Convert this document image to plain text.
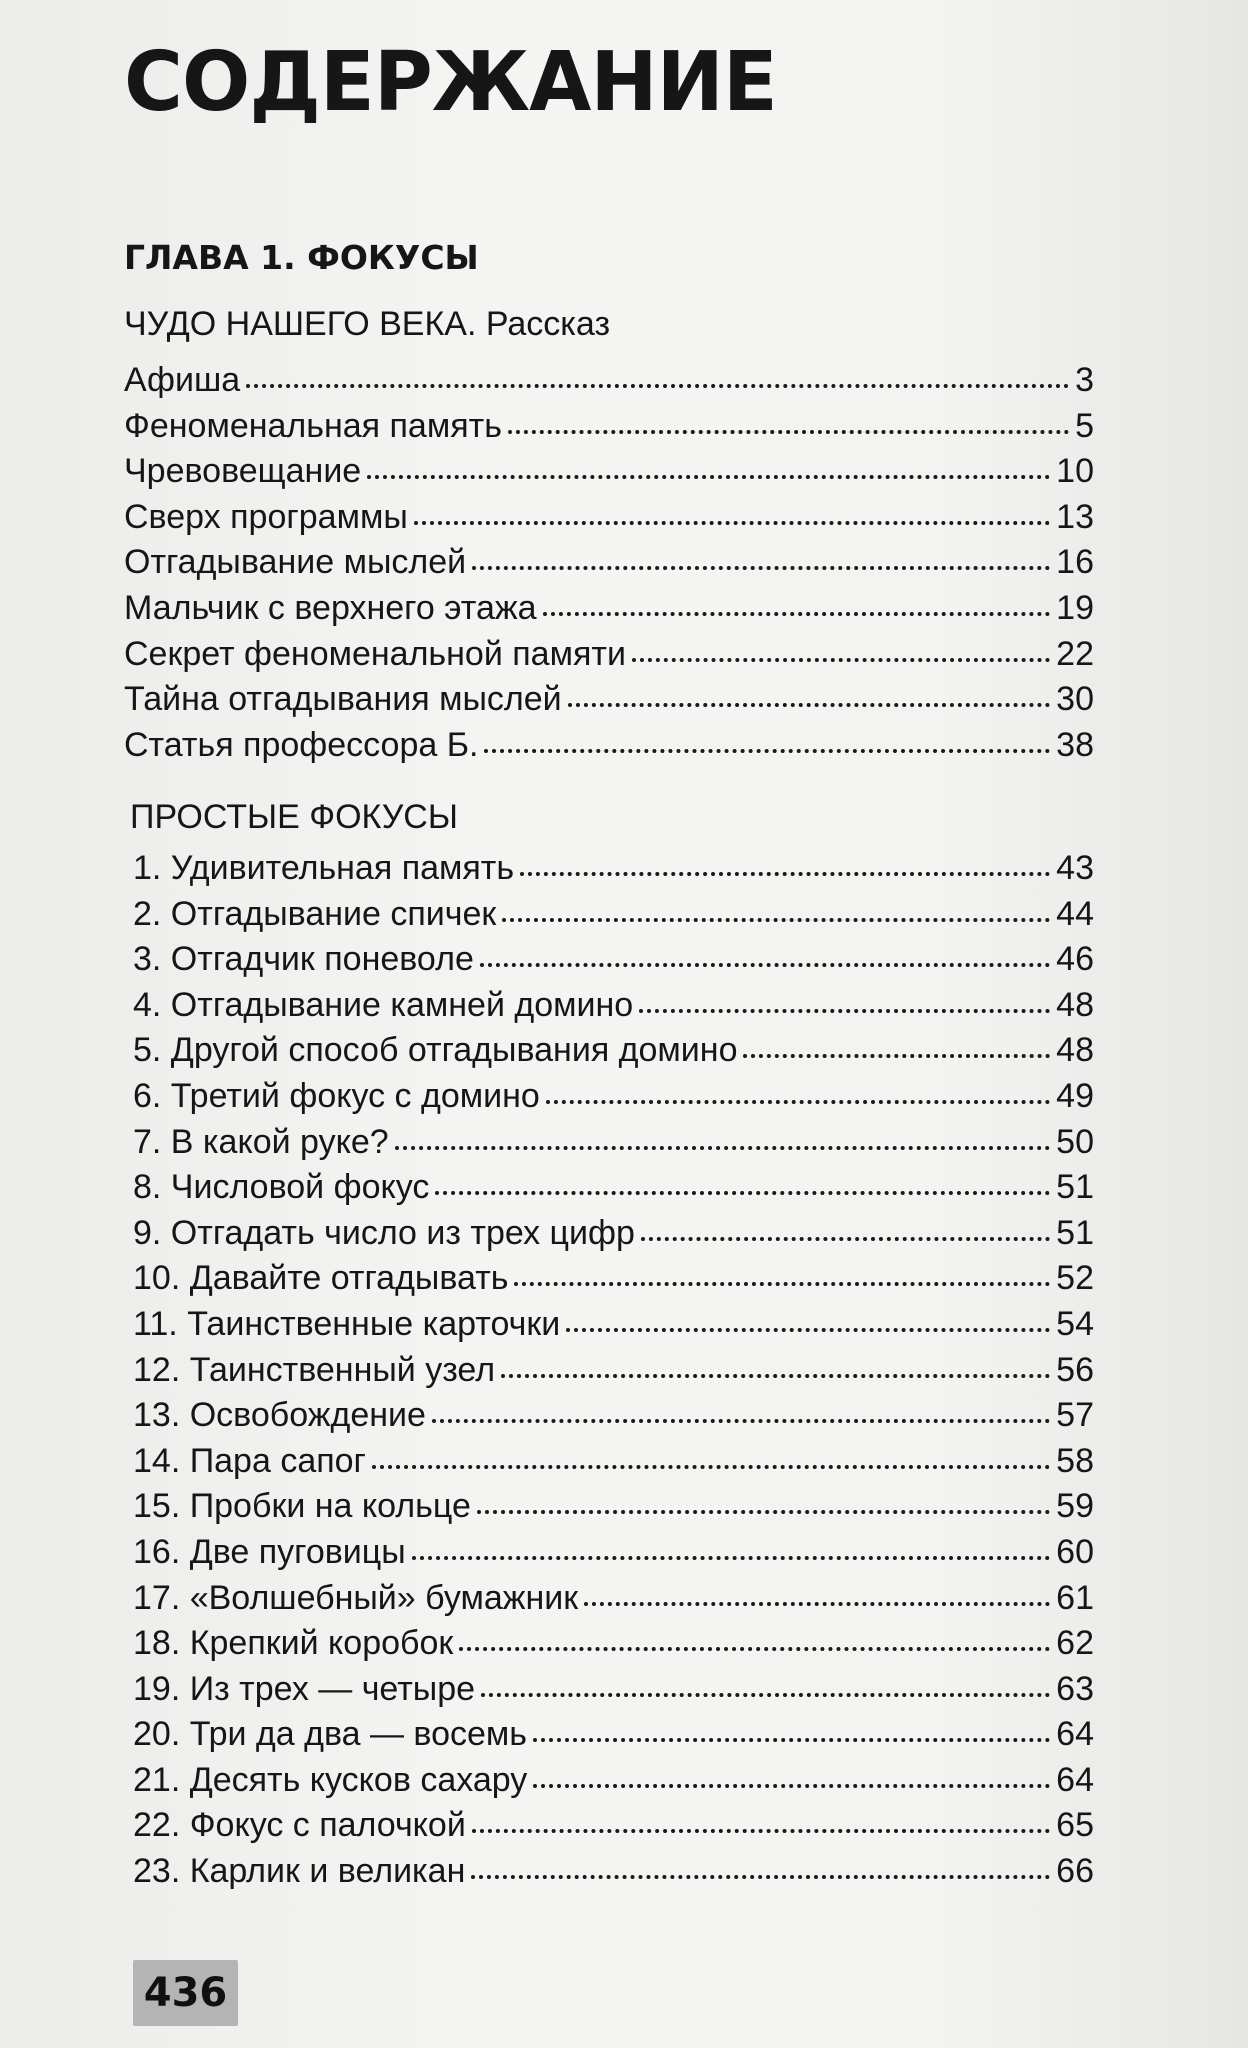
СОДЕРЖАНИЕ
ГЛАВА 1. ФОКУСЫ
ЧУДО НАШЕГО ВЕКА. Рассказ
Афиша	3
Феноменальная память	5
Чревовещание	10
Сверх программы	13
Отгадывание мыслей	16
Мальчик с верхнего этажа	19
Секрет феноменальной памяти	22
Тайна отгадывания мыслей	30
Статья профессора Б.	38
ПРОСТЫЕ ФОКУСЫ
1. Удивительная память	43
2. Отгадывание спичек	44
3. Отгадчик поневоле	46
4. Отгадывание камней домино	48
5. Другой способ отгадывания домино	48
6. Третий фокус с домино	49
7. В какой руке?	50
8. Числовой фокус	51
9. Отгадать число из трех цифр	51
10. Давайте отгадывать	52
11. Таинственные карточки	54
12. Таинственный узел	56
13. Освобождение	57
14. Пара сапог	58
15. Пробки на кольце	59
16. Две пуговицы	60
17. «Волшебный» бумажник	61
18. Крепкий коробок	62
19. Из трех — четыре	63
20. Три да два — восемь	64
21. Десять кусков сахару	64
22. Фокус с палочкой	65
23. Карлик и великан	66
436
